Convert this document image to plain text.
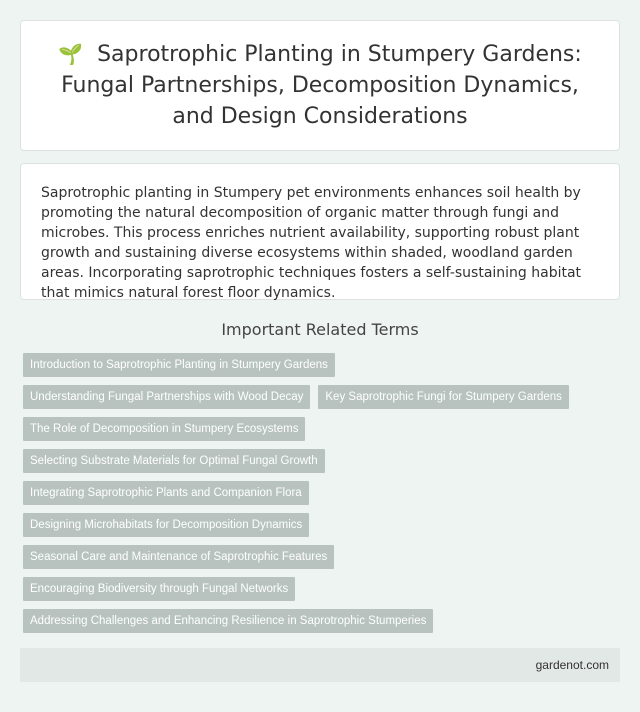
🌱 Saprotrophic Planting in Stumpery Gardens: Fungal Partnerships, Decomposition Dynamics, and Design Considerations

Saprotrophic planting in Stumpery pet environments enhances soil health by promoting the natural decomposition of organic matter through fungi and microbes. This process enriches nutrient availability, supporting robust plant growth and sustaining diverse ecosystems within shaded, woodland garden areas. Incorporating saprotrophic techniques fosters a self-sustaining habitat that mimics natural forest floor dynamics.

Important Related Terms
Introduction to Saprotrophic Planting in Stumpery Gardens
Understanding Fungal Partnerships with Wood Decay	Key Saprotrophic Fungi for Stumpery Gardens
The Role of Decomposition in Stumpery Ecosystems
Selecting Substrate Materials for Optimal Fungal Growth
Integrating Saprotrophic Plants and Companion Flora
Designing Microhabitats for Decomposition Dynamics
Seasonal Care and Maintenance of Saprotrophic Features
Encouraging Biodiversity through Fungal Networks
Addressing Challenges and Enhancing Resilience in Saprotrophic Stumperies
gardenot.com
